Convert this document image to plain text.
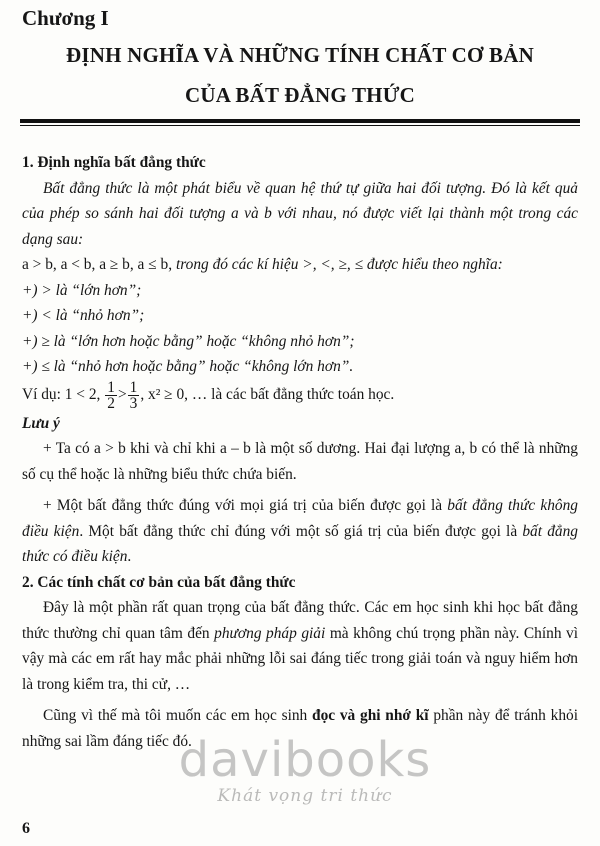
Chương I
ĐỊNH NGHĨA VÀ NHỮNG TÍNH CHẤT CƠ BẢN
CỦA BẤT ĐẲNG THỨC

1. Định nghĩa bất đẳng thức

Bất đẳng thức là một phát biểu về quan hệ thứ tự giữa hai đối tượng. Đó là kết quả của phép so sánh hai đối tượng a và b với nhau, nó được viết lại thành một trong các dạng sau:

a > b, a < b, a ≥ b, a ≤ b, trong đó các kí hiệu >, <, ≥, ≤ được hiểu theo nghĩa:

+) > là “lớn hơn”;

+) < là “nhỏ hơn”;

+) ≥ là “lớn hơn hoặc bằng” hoặc “không nhỏ hơn”;

+) ≤ là “nhỏ hơn hoặc bằng” hoặc “không lớn hơn”.

Ví dụ: 1 < 2, $\frac{1}{2} > \frac{1}{3}$ , x² ≥ 0, … là các bất đẳng thức toán học.

Lưu ý

+ Ta có a > b khi và chỉ khi a – b là một số dương. Hai đại lượng a, b có thể là những số cụ thể hoặc là những biểu thức chứa biến.

+ Một bất đẳng thức đúng với mọi giá trị của biến được gọi là bất đẳng thức không điều kiện. Một bất đẳng thức chỉ đúng với một số giá trị của biến được gọi là bất đẳng thức có điều kiện.

2. Các tính chất cơ bản của bất đẳng thức

Đây là một phần rất quan trọng của bất đẳng thức. Các em học sinh khi học bất đẳng thức thường chỉ quan tâm đến phương pháp giải mà không chú trọng phần này. Chính vì vậy mà các em rất hay mắc phải những lỗi sai đáng tiếc trong giải toán và nguy hiểm hơn là trong kiểm tra, thi cử, …

Cũng vì thế mà tôi muốn các em học sinh đọc và ghi nhớ kĩ phần này để tránh khỏi những sai lầm đáng tiếc đó.

davibooks
Khát vọng tri thức
6
